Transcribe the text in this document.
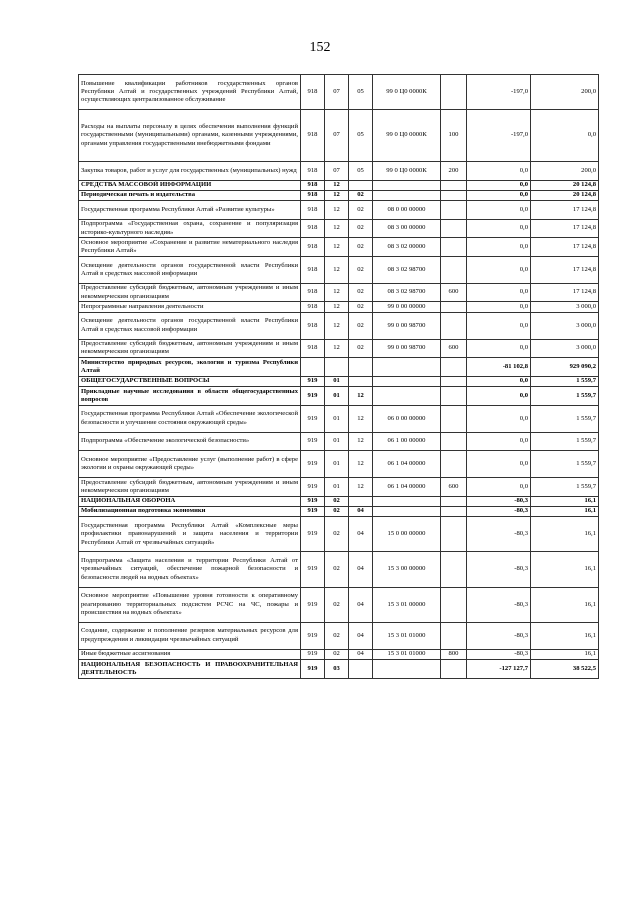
152
Повышение квалификации работников государственных органов Республики Алтай и государственных учреждений Республики Алтай, осуществляющих централизованное обслуживание	918	07	05	99 0 Ц0 0000К		-197,0	200,0
Расходы на выплаты персоналу в целях обеспечения выполнения функций государственными (муниципальными) органами, казенными учреждениями, органами управления государственными внебюджетными фондами	918	07	05	99 0 Ц0 0000К	100	-197,0	0,0
Закупка товаров, работ и услуг для государственных (муниципальных) нужд	918	07	05	99 0 Ц0 0000К	200	0,0	200,0
СРЕДСТВА МАССОВОЙ ИНФОРМАЦИИ	918	12				0,0	20 124,8
Периодическая печать и издательства	918	12	02			0,0	20 124,8
Государственная программа Республики Алтай «Развитие культуры»	918	12	02	08 0 00 00000		0,0	17 124,8
Подпрограмма «Государственная охрана, сохранение и популяризация историко-культурного наследия»	918	12	02	08 3 00 00000		0,0	17 124,8
Основное мероприятие «Сохранение и развитие нематериального наследия Республики Алтай»	918	12	02	08 3 02 00000		0,0	17 124,8
Освещение деятельности органов государственной власти Республики Алтай в средствах массовой информации	918	12	02	08 3 02 98700		0,0	17 124,8
Предоставление субсидий бюджетным, автономным учреждениям и иным некоммерческим организациям	918	12	02	08 3 02 98700	600	0,0	17 124,8
Непрограммные направления деятельности	918	12	02	99 0 00 00000		0,0	3 000,0
Освещение деятельности органов государственной власти Республики Алтай в средствах массовой информации	918	12	02	99 0 00 98700		0,0	3 000,0
Предоставление субсидий бюджетным, автономным учреждениям и иным некоммерческим организациям	918	12	02	99 0 00 98700	600	0,0	3 000,0
Министерство природных ресурсов, экологии и туризма Республики Алтай						-81 102,8	929 090,2
ОБЩЕГОСУДАРСТВЕННЫЕ ВОПРОСЫ	919	01				0,0	1 559,7
Прикладные научные исследования в области общегосударственных вопросов	919	01	12			0,0	1 559,7
Государственная программа Республики Алтай «Обеспечение экологической безопасности и улучшение состояния окружающей среды»	919	01	12	06 0 00 00000		0,0	1 559,7
Подпрограмма «Обеспечение экологической безопасности»	919	01	12	06 1 00 00000		0,0	1 559,7
Основное мероприятие «Предоставление услуг (выполнение работ) в сфере экологии и охраны окружающей среды»	919	01	12	06 1 04 00000		0,0	1 559,7
Предоставление субсидий бюджетным, автономным учреждениям и иным некоммерческим организациям	919	01	12	06 1 04 00000	600	0,0	1 559,7
НАЦИОНАЛЬНАЯ ОБОРОНА	919	02				-80,3	16,1
Мобилизационная подготовка экономики	919	02	04			-80,3	16,1
Государственная программа Республики Алтай «Комплексные меры профилактики правонарушений и защита населения и территории Республики Алтай от чрезвычайных ситуаций»	919	02	04	15 0 00 00000		-80,3	16,1
Подпрограмма «Защита населения и территории Республики Алтай от чрезвычайных ситуаций, обеспечение пожарной безопасности и безопасности людей на водных объектах»	919	02	04	15 3 00 00000		-80,3	16,1
Основное мероприятие «Повышение уровня готовности к оперативному реагированию территориальных подсистем РСЧС на ЧС, пожары и происшествия на водных объектах»	919	02	04	15 3 01 00000		-80,3	16,1
Создание, содержание и пополнение резервов материальных ресурсов для предупреждения и ликвидации чрезвычайных ситуаций	919	02	04	15 3 01 01000		-80,3	16,1
Иные бюджетные ассигнования	919	02	04	15 3 01 01000	800	-80,3	16,1
НАЦИОНАЛЬНАЯ БЕЗОПАСНОСТЬ И ПРАВООХРАНИТЕЛЬНАЯ ДЕЯТЕЛЬНОСТЬ	919	03				-127 127,7	38 522,5
